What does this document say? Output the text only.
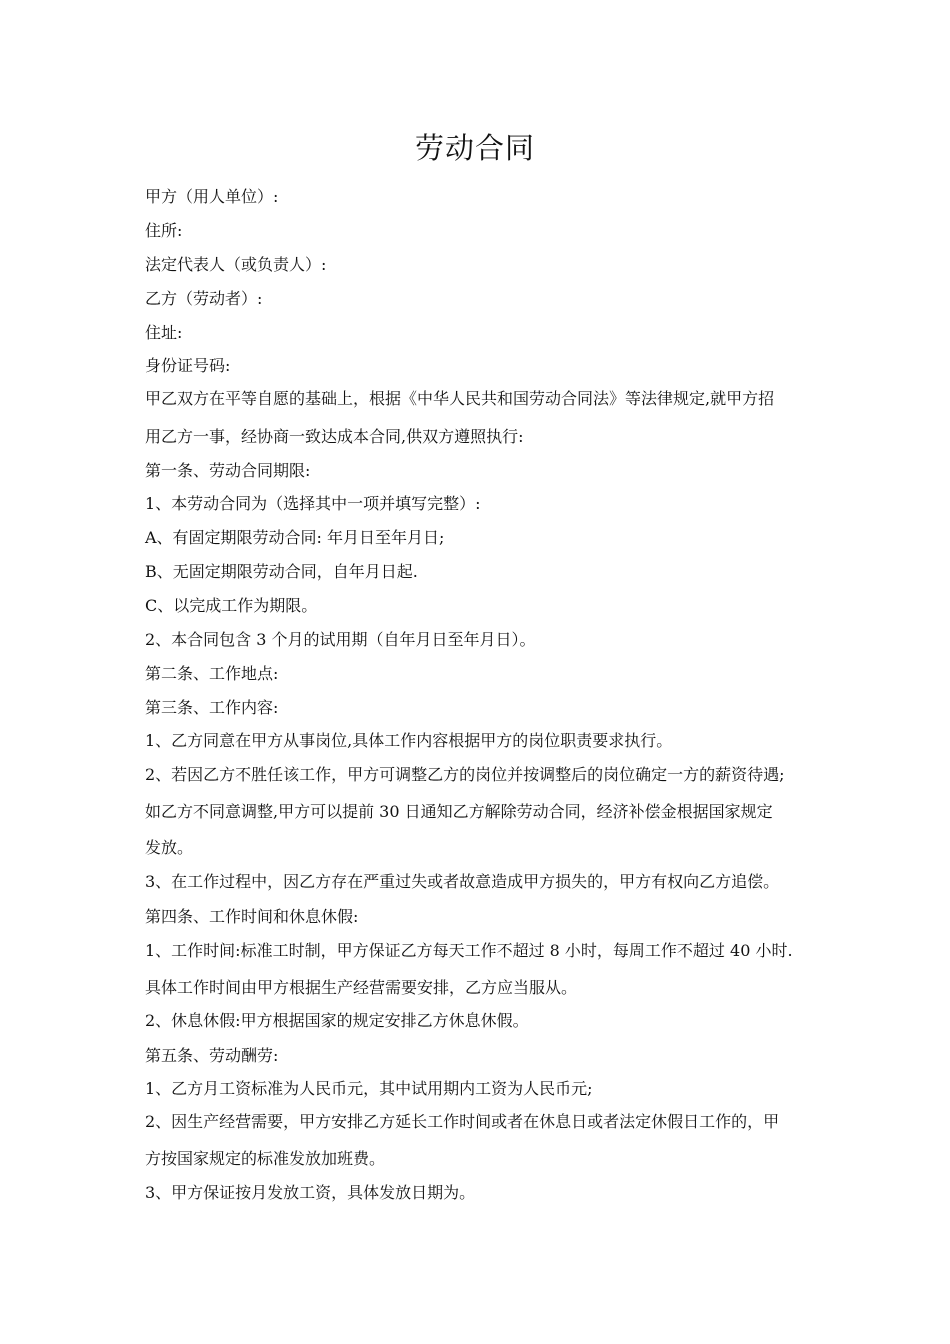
劳动合同
甲方（用人单位）:
住所:
法定代表人（或负责人）:
乙方（劳动者）:
住址:
身份证号码:
甲乙双方在平等自愿的基础上，根据《中华人民共和国劳动合同法》等法律规定,就甲方招
用乙方一事，经协商一致达成本合同,供双方遵照执行:
第一条、劳动合同期限:
1、本劳动合同为（选择其中一项并填写完整）:
A、有固定期限劳动合同: 年月日至年月日;
B、无固定期限劳动合同，自年月日起.
C、以完成工作为期限。
2、本合同包含 3 个月的试用期（自年月日至年月日）。
第二条、工作地点:
第三条、工作内容:
1、乙方同意在甲方从事岗位,具体工作内容根据甲方的岗位职责要求执行。
2、若因乙方不胜任该工作，甲方可调整乙方的岗位并按调整后的岗位确定一方的薪资待遇;
如乙方不同意调整,甲方可以提前 30 日通知乙方解除劳动合同，经济补偿金根据国家规定
发放。
3、在工作过程中，因乙方存在严重过失或者故意造成甲方损失的，甲方有权向乙方追偿。
第四条、工作时间和休息休假:
1、工作时间:标准工时制，甲方保证乙方每天工作不超过 8 小时，每周工作不超过 40 小时.
具体工作时间由甲方根据生产经营需要安排，乙方应当服从。
2、休息休假:甲方根据国家的规定安排乙方休息休假。
第五条、劳动酬劳:
1、乙方月工资标准为人民币元，其中试用期内工资为人民币元;
2、因生产经营需要，甲方安排乙方延长工作时间或者在休息日或者法定休假日工作的，甲
方按国家规定的标准发放加班费。
3、甲方保证按月发放工资，具体发放日期为。
